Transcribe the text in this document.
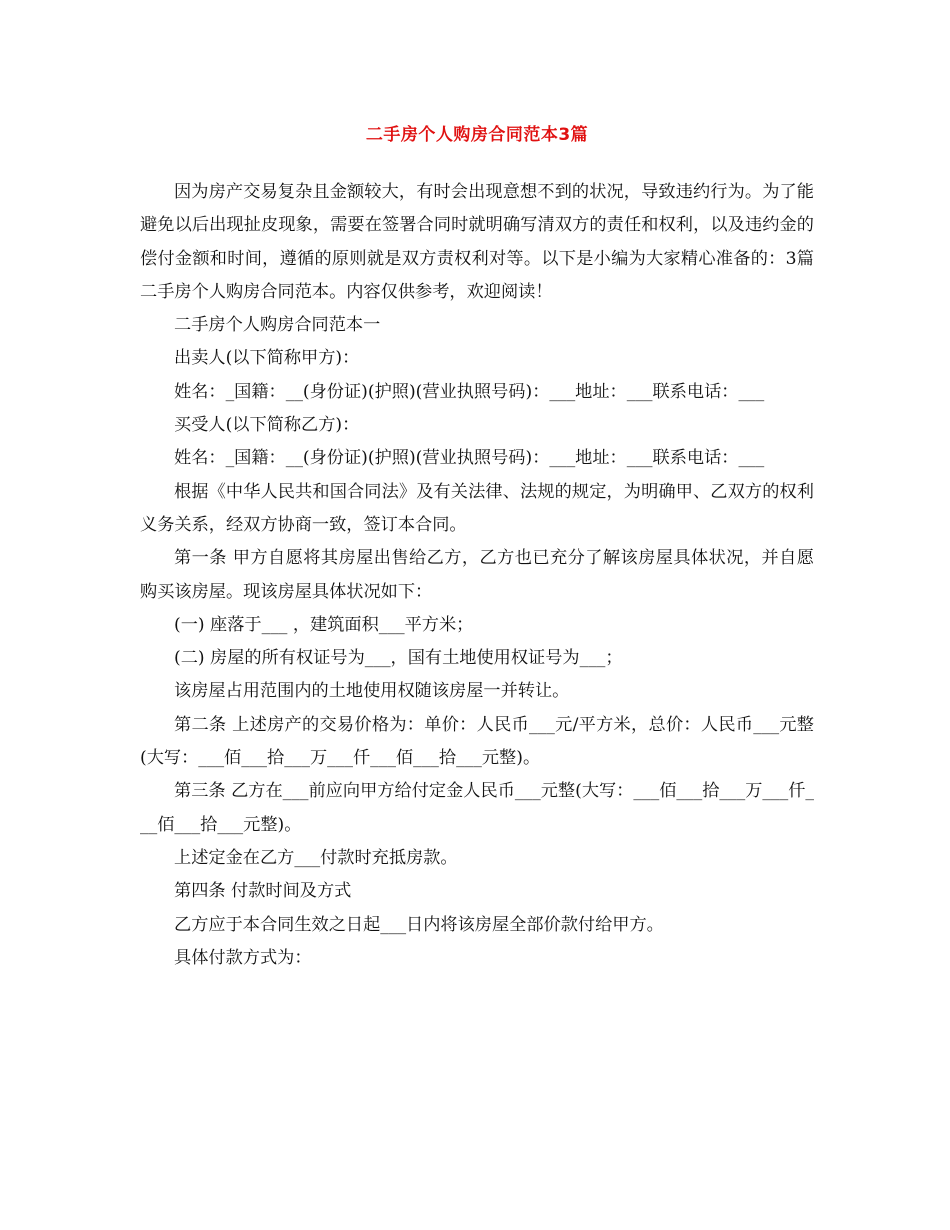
二手房个人购房合同范本3篇

因为房产交易复杂且金额较大，有时会出现意想不到的状况，导致违约行为。为了能避免以后出现扯皮现象，需要在签署合同时就明确写清双方的责任和权利，以及违约金的偿付金额和时间，遵循的原则就是双方责权利对等。以下是小编为大家精心准备的：3篇二手房个人购房合同范本。内容仅供参考，欢迎阅读！

二手房个人购房合同范本一

出卖人(以下简称甲方)：

姓名：_国籍：__(身份证)(护照)(营业执照号码)：___地址：___联系电话：___

买受人(以下简称乙方)：

姓名：_国籍：__(身份证)(护照)(营业执照号码)：___地址：___联系电话：___

根据《中华人民共和国合同法》及有关法律、法规的规定，为明确甲、乙双方的权利义务关系，经双方协商一致，签订本合同。

第一条 甲方自愿将其房屋出售给乙方，乙方也已充分了解该房屋具体状况，并自愿购买该房屋。现该房屋具体状况如下：

(一) 座落于___ ，建筑面积___平方米；

(二) 房屋的所有权证号为___，国有土地使用权证号为___；

该房屋占用范围内的土地使用权随该房屋一并转让。

第二条 上述房产的交易价格为：单价：人民币___元/平方米，总价：人民币___元整(大写：___佰___拾___万___仟___佰___拾___元整)。

第三条 乙方在___前应向甲方给付定金人民币___元整(大写：___佰___拾___万___仟___佰___拾___元整)。

上述定金在乙方___付款时充抵房款。

第四条 付款时间及方式

乙方应于本合同生效之日起___日内将该房屋全部价款付给甲方。

具体付款方式为：
